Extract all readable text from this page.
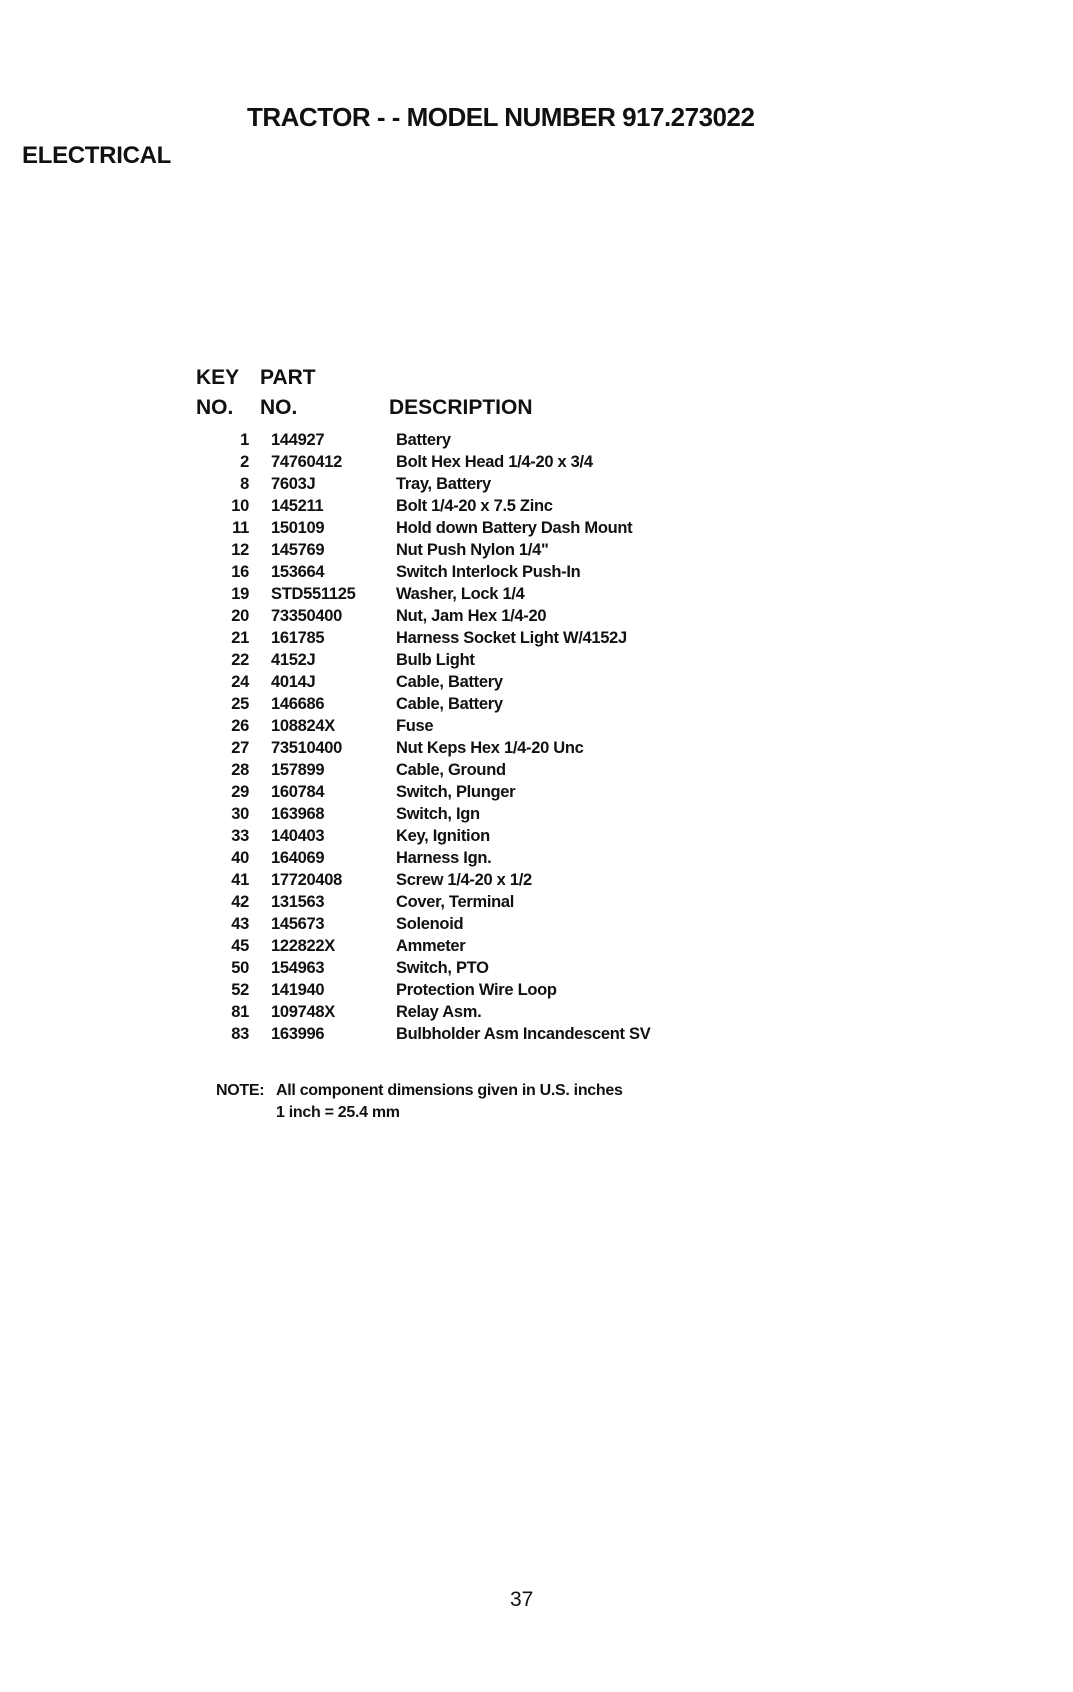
TRACTOR - - MODEL NUMBER 917.273022
ELECTRICAL
KEY
NO.
PART
NO.	DESCRIPTION
1 144927	Battery
2 74760412	Bolt Hex Head 1/4-20 x 3/4
8 7603J	Tray, Battery
10 145211	Bolt 1/4-20 x 7.5 Zinc
11 150109	Hold down Battery Dash Mount
12 145769	Nut Push Nylon 1/4"
16 153664	Switch Interlock Push-In
19 STD551125 Washer, Lock 1/4
20 73350400	Nut, Jam Hex 1/4-20
21 161785	Harness Socket Light W/4152J
22 4152J	Bulb Light
24 4014J	Cable, Battery
25 146686	Cable, Battery
26 108824X	Fuse
27 73510400	Nut Keps Hex 1/4-20 Unc
28 157899	Cable, Ground
29 160784	Switch, Plunger
30 163968	Switch, Ign
33 140403	Key, Ignition
40 164069	Harness Ign.
41 17720408	Screw 1/4-20 x 1/2
42 131563	Cover, Terminal
43 145673	Solenoid
45 122822X	Ammeter
50 154963	Switch, PTO
52 141940	Protection Wire Loop
81 109748X	Relay Asm.
83 163996	Bulbholder Asm Incandescent SV
NOTE: All component dimensions given in U.S. inches
1 inch = 25.4 mm
37
